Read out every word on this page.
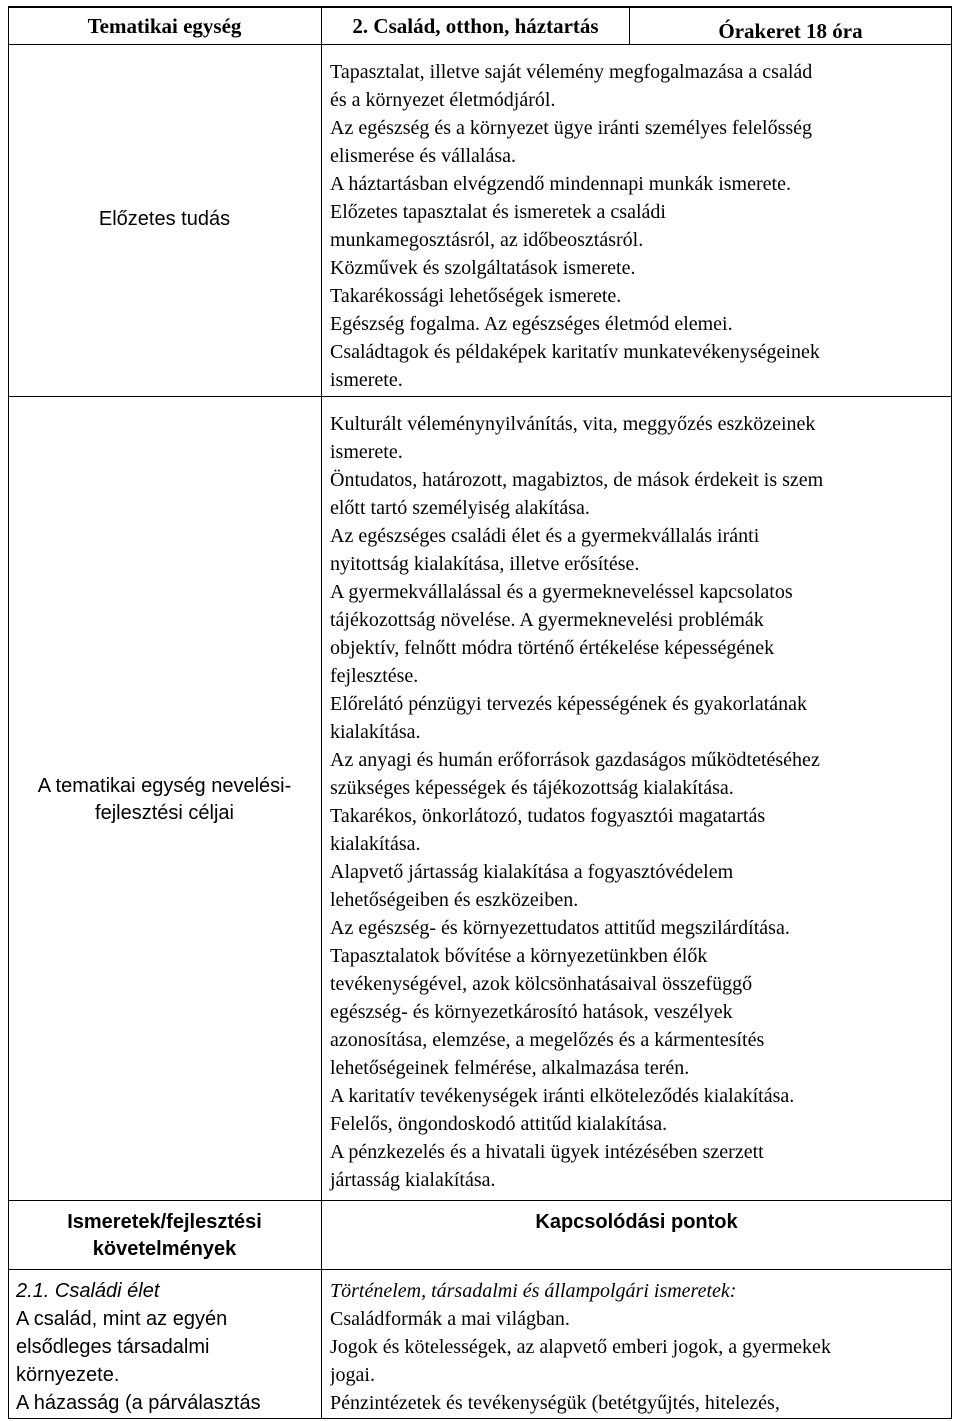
Tematikai egység	2. Család, otthon, háztartás	Órakeret 18 óra
Előzetes tudás
Tapasztalat, illetve saját vélemény megfogalmazása a család
és a környezet életmódjáról.
Az egészség és a környezet ügye iránti személyes felelősség
elismerése és vállalása.
A háztartásban elvégzendő mindennapi munkák ismerete.
Előzetes tapasztalat és ismeretek a családi
munkamegosztásról, az időbeosztásról.
Közművek és szolgáltatások ismerete.
Takarékossági lehetőségek ismerete.
Egészség fogalma. Az egészséges életmód elemei.
Családtagok és példaképek karitatív munkatevékenységeinek
ismerete.
A tematikai egység nevelési-
fejlesztési céljai
Kulturált véleménynyilvánítás, vita, meggyőzés eszközeinek
ismerete.
Öntudatos, határozott, magabiztos, de mások érdekeit is szem
előtt tartó személyiség alakítása.
Az egészséges családi élet és a gyermekvállalás iránti
nyitottság kialakítása, illetve erősítése.
A gyermekvállalással és a gyermekneveléssel kapcsolatos
tájékozottság növelése. A gyermeknevelési problémák
objektív, felnőtt módra történő értékelése képességének
fejlesztése.
Előrelátó pénzügyi tervezés képességének és gyakorlatának
kialakítása.
Az anyagi és humán erőforrások gazdaságos működtetéséhez
szükséges képességek és tájékozottság kialakítása.
Takarékos, önkorlátozó, tudatos fogyasztói magatartás
kialakítása.
Alapvető jártasság kialakítása a fogyasztóvédelem
lehetőségeiben és eszközeiben.
Az egészség- és környezettudatos attitűd megszilárdítása.
Tapasztalatok bővítése a környezetünkben élők
tevékenységével, azok kölcsönhatásaival összefüggő
egészség- és környezetkárosító hatások, veszélyek
azonosítása, elemzése, a megelőzés és a kármentesítés
lehetőségeinek felmérése, alkalmazása terén.
A karitatív tevékenységek iránti elköteleződés kialakítása.
Felelős, öngondoskodó attitűd kialakítása.
A pénzkezelés és a hivatali ügyek intézésében szerzett
jártasság kialakítása.
Ismeretek/fejlesztési
követelmények
Kapcsolódási pontok
2.1. Családi élet
A család, mint az egyén
elsődleges társadalmi
környezete.
A házasság (a párválasztás
Történelem, társadalmi és állampolgári ismeretek:
Családformák a mai világban.
Jogok és kötelességek, az alapvető emberi jogok, a gyermekek
jogai.
Pénzintézetek és tevékenységük (betétgyűjtés, hitelezés,
